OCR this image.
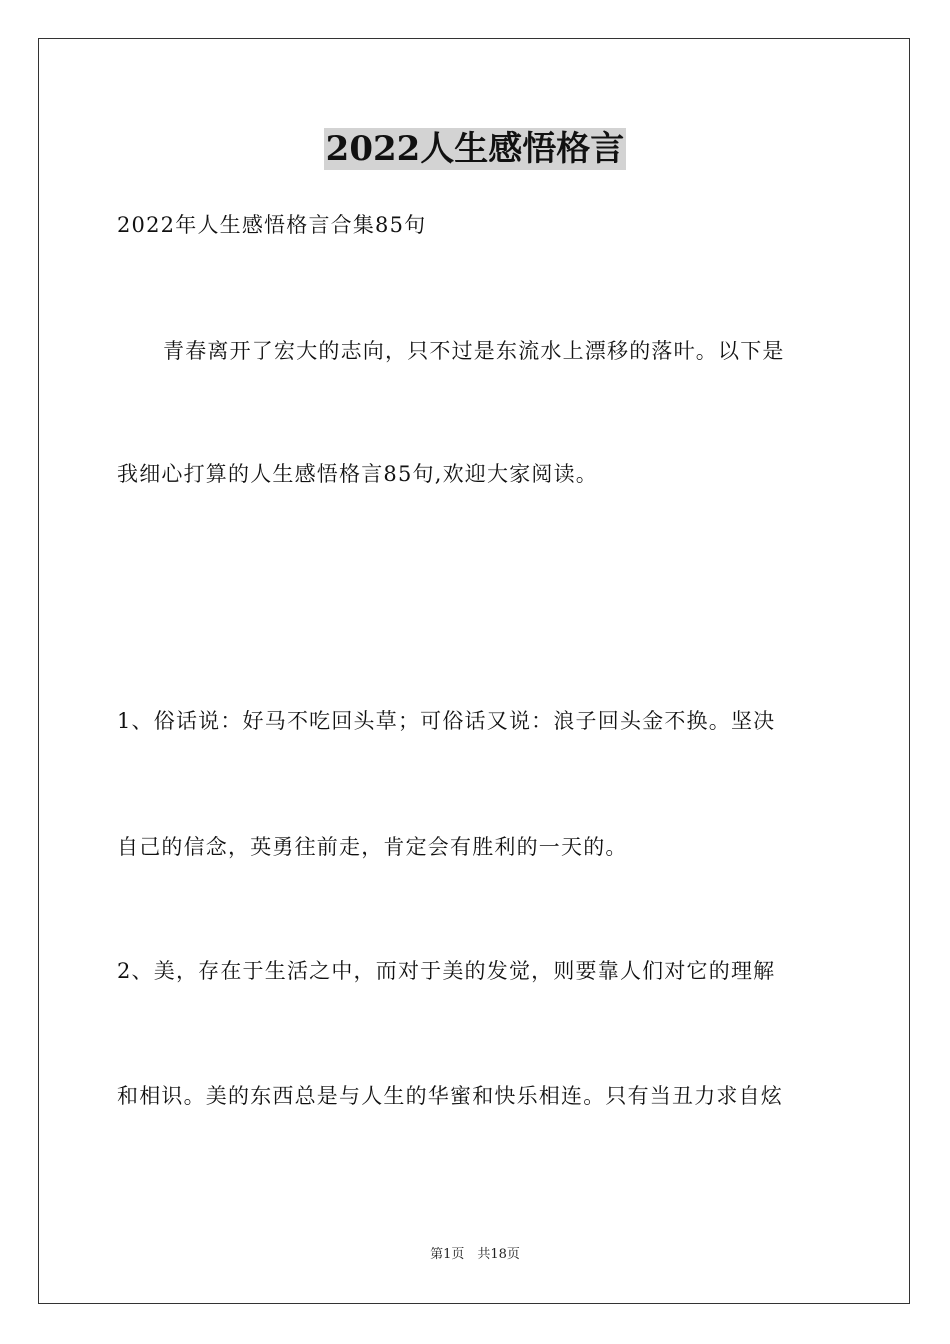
2022人生感悟格言
2022年人生感悟格言合集85句
青春离开了宏大的志向，只不过是东流水上漂移的落叶。以下是
我细心打算的人生感悟格言85句,欢迎大家阅读。
1、俗话说：好马不吃回头草；可俗话又说：浪子回头金不换。坚决
自己的信念，英勇往前走，肯定会有胜利的一天的。
2、美，存在于生活之中，而对于美的发觉，则要靠人们对它的理解
和相识。美的东西总是与人生的华蜜和快乐相连。只有当丑力求自炫
第1页　共18页
